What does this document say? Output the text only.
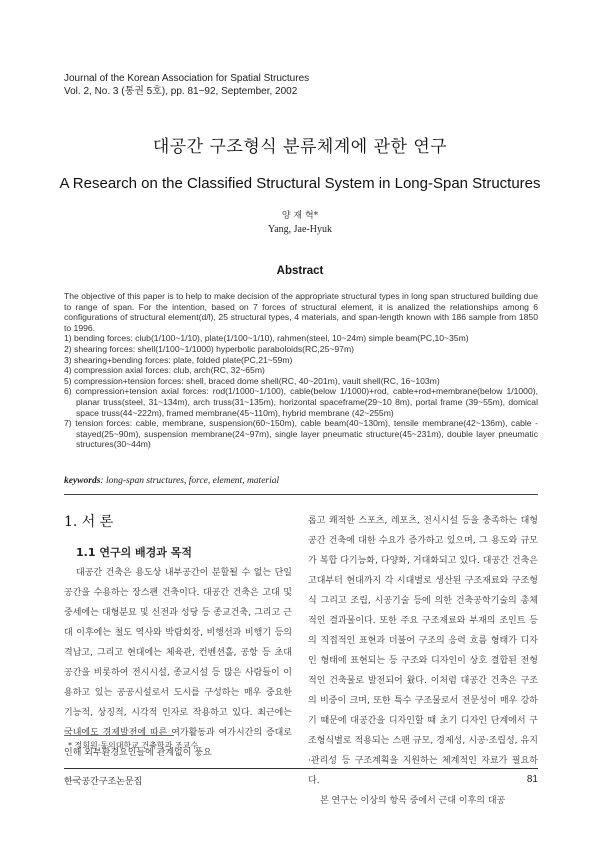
Journal of the Korean Association for Spatial Structures
Vol. 2, No. 3 (통권 5호), pp. 81~92, September, 2002
대공간 구조형식 분류체계에 관한 연구
A Research on the Classified Structural System in Long-Span Structures
양 재 혁*
Yang, Jae-Hyuk
Abstract

The objective of this paper is to help to make decision of the appropriate structural types in long span structured building due to range of span. For the intention, based on 7 forces of structural element, it is analized the relationships among 6 configurations of structural element(d/l), 25 structural types, 4 materials, and span-length known with 186 sample from 1850 to 1996.

1) bending forces: club(1/100~1/10), plate(1/100~1/10), rahmen(steel, 10~24m) simple beam(PC,10~35m)
2) shearing forces: shell(1/100~1/1000) hyperbolic paraboloids(RC,25~97m)
3) shearing+bending forces: plate, folded plate(PC,21~59m)
4) compression axial forces: club, arch(RC, 32~65m)
5) compression+tension forces: shell, braced dome shell(RC, 40~201m), vault shell(RC, 16~103m)
6) compression+tension axial forces: rod(1/1000~1/100), cable(below 1/1000)+rod, cable+rod+membrane(below 1/1000), planar truss(steel, 31~134m), arch truss(31~135m), horizontal spaceframe(29~10 8m), portal frame (39~55m), domical space truss(44~222m), framed membrane(45~110m), hybrid membrane (42~255m)
7) tension forces: cable, membrane, suspension(60~150m), cable beam(40~130m), tensile membrane(42~136m), cable -stayed(25~90m), suspension membrane(24~97m), single layer pneumatic structure(45~231m), double layer pneumatic structures(30~44m)
keywords: long-span structures, force, element, material
1. 서 론
1.1 연구의 배경과 목적

대공간 건축은 용도상 내부공간이 분할될 수 없는 단일공간을 수용하는 장스팬 건축이다. 대공간 건축은 고대 및 중세에는 대형분묘 및 신전과 성당 등 종교건축, 그리고 근대 이후에는 철도 역사와 박람회장, 비행선과 비행기 등의 격납고, 그리고 현대에는 체육관, 컨벤션홀, 공항 등 초대공간을 비롯하여 전시시설, 종교시설 등 많은 사람들이 이용하고 있는 공공시설로서 도시를 구성하는 매우 중요한 기능적, 상징적, 시각적 인자로 작용하고 있다. 최근에는 국내에도 경제발전에 따른 여가활동과 여가시간의 증대로 인해 외부환경요인들에 관계없이 풍요

롭고 쾌적한 스포츠, 레포츠, 전시시설 등을 충족하는 대형 공간 건축에 대한 수요가 증가하고 있으며, 그 용도와 규모가 복합 다기능화, 다양화, 거대화되고 있다. 대공간 건축은 고대부터 현대까지 각 시대별로 생산된 구조재료와 구조형식 그리고 조립, 시공기술 등에 의한 건축공학기술의 총체적인 결과물이다. 또한 주요 구조재료와 부재의 조인트 등의 직접적인 표현과 더불어 구조의 응력 흐름 형태가 디자인 형태에 표현되는 등 구조와 디자인이 상호 결합된 전형적인 건축물로 발전되어 왔다. 이처럼 대공간 건축은 구조의 비중이 크며, 또한 특수 구조물로서 전문성이 매우 강하기 때문에 대공간을 디자인할 때 초기 디자인 단계에서 구조형식별로 적용되는 스팬 규모, 경제성, 시공·조립성, 유지·관리성 등 구조계획을 지원하는 체계적인 자료가 필요하다.

본 연구는 이상의 항목 중에서 근대 이후의 대공

* 정회원·동의대학교 건축학과 조교수
한국공간구조논문집	81
